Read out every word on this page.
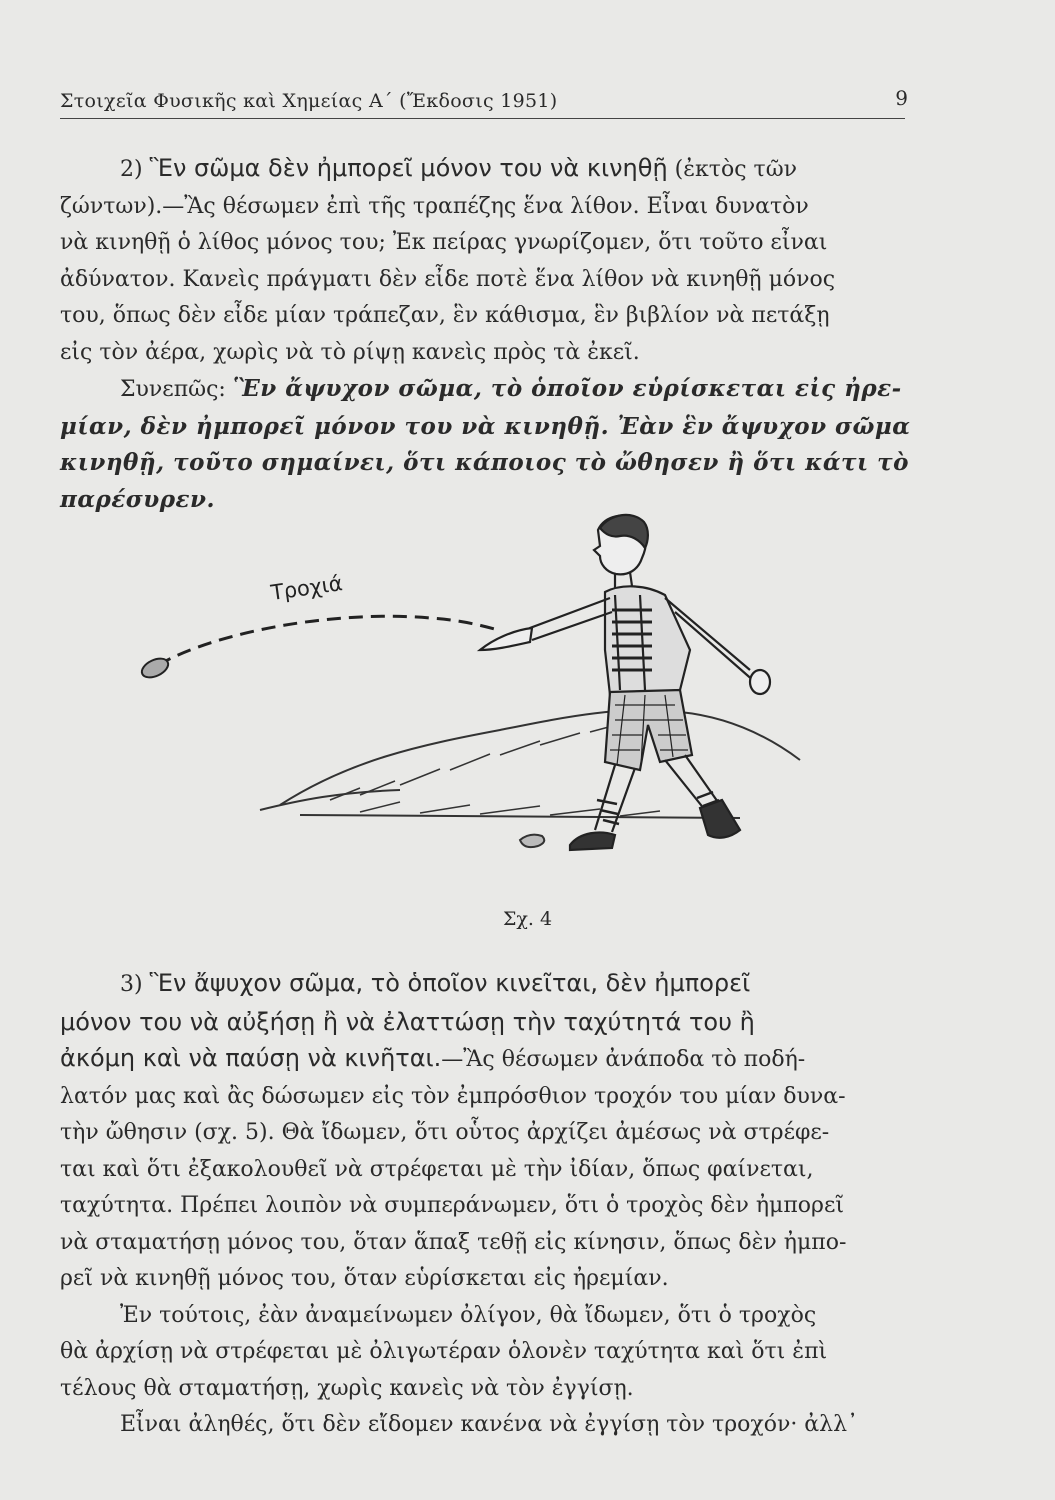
Στοιχεῖα Φυσικῆς καὶ Χημείας Α΄ (Ἔκδοσις 1951)	9
2) Ἓν σῶμα δὲν ἠμπορεῖ μόνον του νὰ κινηθῇ (ἐκτὸς τῶν
ζώντων).—Ἂς θέσωμεν ἐπὶ τῆς τραπέζης ἕνα λίθον. Εἶναι δυνατὸν
νὰ κινηθῇ ὁ λίθος μόνος του; Ἐκ πείρας γνωρίζομεν, ὅτι τοῦτο εἶναι
ἀδύνατον. Κανεὶς πράγματι δὲν εἶδε ποτὲ ἕνα λίθον νὰ κινηθῇ μόνος
του, ὅπως δὲν εἶδε μίαν τράπεζαν, ἓν κάθισμα, ἓν βιβλίον νὰ πετάξῃ
εἰς τὸν ἀέρα, χωρὶς νὰ τὸ ρίψῃ κανεὶς πρὸς τὰ ἐκεῖ.
Συνεπῶς: Ἓν ἄψυχον σῶμα, τὸ ὁποῖον εὑρίσκεται εἰς ἠρε-
μίαν, δὲν ἠμπορεῖ μόνον του νὰ κινηθῇ. Ἐὰν ἓν ἄψυχον σῶμα
κινηθῇ, τοῦτο σημαίνει, ὅτι κάποιος τὸ ὤθησεν ἢ ὅτι κάτι τὸ
παρέσυρεν.
Τροχιά
Σχ. 4
3) Ἓν ἄψυχον σῶμα, τὸ ὁποῖον κινεῖται, δὲν ἠμπορεῖ
μόνον του νὰ αὐξήσῃ ἢ νὰ ἐλαττώσῃ τὴν ταχύτητά του ἢ
ἀκόμη καὶ νὰ παύσῃ νὰ κινῆται.—Ἂς θέσωμεν ἀνάποδα τὸ ποδή-
λατόν μας καὶ ἂς δώσωμεν εἰς τὸν ἐμπρόσθιον τροχόν του μίαν δυνα-
τὴν ὤθησιν (σχ. 5). Θὰ ἴδωμεν, ὅτι οὗτος ἀρχίζει ἀμέσως νὰ στρέφε-
ται καὶ ὅτι ἐξακολουθεῖ νὰ στρέφεται μὲ τὴν ἰδίαν, ὅπως φαίνεται,
ταχύτητα. Πρέπει λοιπὸν νὰ συμπεράνωμεν, ὅτι ὁ τροχὸς δὲν ἠμπορεῖ
νὰ σταματήσῃ μόνος του, ὅταν ἅπαξ τεθῇ εἰς κίνησιν, ὅπως δὲν ἠμπο-
ρεῖ νὰ κινηθῇ μόνος του, ὅταν εὑρίσκεται εἰς ἠρεμίαν.
Ἐν τούτοις, ἐὰν ἀναμείνωμεν ὀλίγον, θὰ ἴδωμεν, ὅτι ὁ τροχὸς
θὰ ἀρχίσῃ νὰ στρέφεται μὲ ὀλιγωτέραν ὁλονὲν ταχύτητα καὶ ὅτι ἐπὶ
τέλους θὰ σταματήσῃ, χωρὶς κανεὶς νὰ τὸν ἐγγίσῃ.
Εἶναι ἀληθές, ὅτι δὲν εἴδομεν κανένα νὰ ἐγγίσῃ τὸν τροχόν· ἀλλ᾽
